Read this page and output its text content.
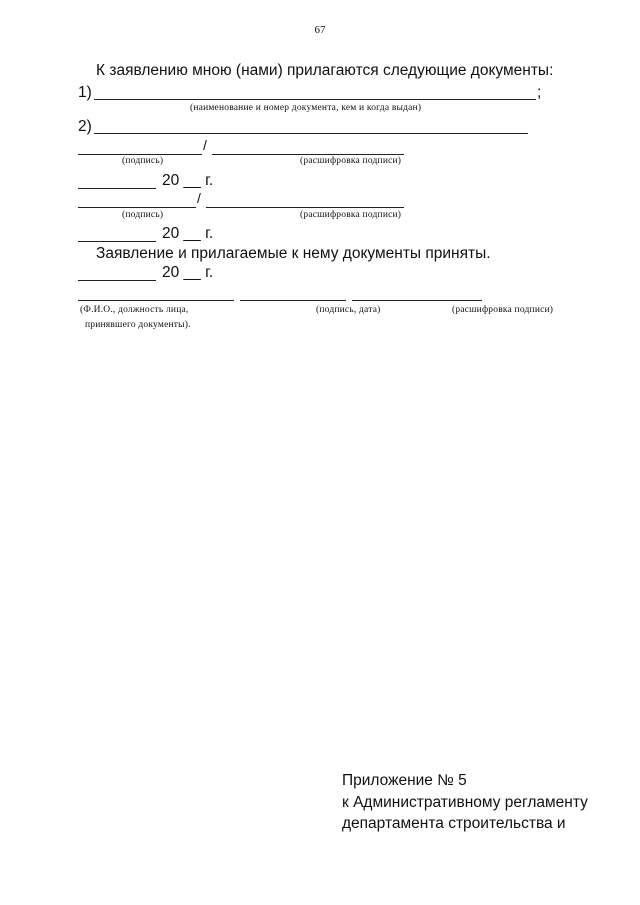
67
К заявлению мною (нами) прилагаются следующие документы:
1)	;
(наименование и номер документа, кем и когда выдан)
2)
/
(подпись)	(расшифровка подписи)
20 __ г.
/
(подпись)	(расшифровка подписи)
20 __ г.
Заявление и прилагаемые к нему документы приняты.
20 __ г.
(Ф.И.О., должность лица,
принявшего документы).
(подпись, дата)	(расшифровка подписи)
Приложение № 5
к Административному регламенту
департамента строительства и
